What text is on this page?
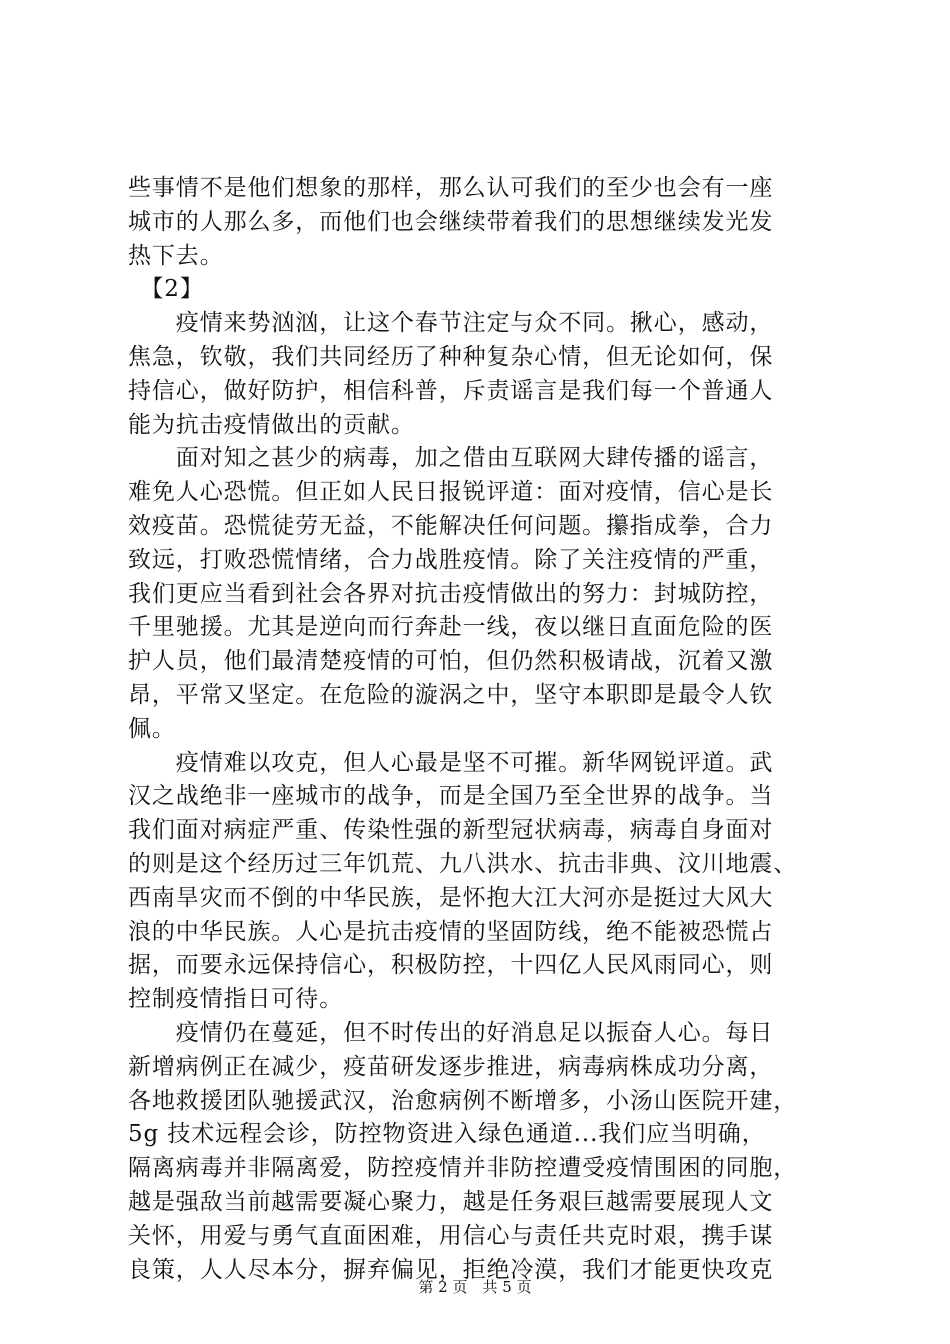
些事情不是他们想象的那样，那么认可我们的至少也会有一座
城市的人那么多，而他们也会继续带着我们的思想继续发光发
热下去。
　【2】
　　疫情来势汹汹，让这个春节注定与众不同。揪心，感动，
焦急，钦敬，我们共同经历了种种复杂心情，但无论如何，保
持信心，做好防护，相信科普，斥责谣言是我们每一个普通人
能为抗击疫情做出的贡献。
　　面对知之甚少的病毒，加之借由互联网大肆传播的谣言，
难免人心恐慌。但正如人民日报锐评道：面对疫情，信心是长
效疫苗。恐慌徒劳无益，不能解决任何问题。攥指成拳，合力
致远，打败恐慌情绪，合力战胜疫情。除了关注疫情的严重，
我们更应当看到社会各界对抗击疫情做出的努力：封城防控，
千里驰援。尤其是逆向而行奔赴一线，夜以继日直面危险的医
护人员，他们最清楚疫情的可怕，但仍然积极请战，沉着又激
昂，平常又坚定。在危险的漩涡之中，坚守本职即是最令人钦
佩。
　　疫情难以攻克，但人心最是坚不可摧。新华网锐评道。武
汉之战绝非一座城市的战争，而是全国乃至全世界的战争。当
我们面对病症严重、传染性强的新型冠状病毒，病毒自身面对
的则是这个经历过三年饥荒、九八洪水、抗击非典、汶川地震、
西南旱灾而不倒的中华民族，是怀抱大江大河亦是挺过大风大
浪的中华民族。人心是抗击疫情的坚固防线，绝不能被恐慌占
据，而要永远保持信心，积极防控，十四亿人民风雨同心，则
控制疫情指日可待。
　　疫情仍在蔓延，但不时传出的好消息足以振奋人心。每日
新增病例正在减少，疫苗研发逐步推进，病毒病株成功分离，
各地救援团队驰援武汉，治愈病例不断增多，小汤山医院开建，
5g 技术远程会诊，防控物资进入绿色通道...我们应当明确，
隔离病毒并非隔离爱，防控疫情并非防控遭受疫情围困的同胞，
越是强敌当前越需要凝心聚力，越是任务艰巨越需要展现人文
关怀，用爱与勇气直面困难，用信心与责任共克时艰，携手谋
良策，人人尽本分，摒弃偏见，拒绝冷漠，我们才能更快攻克
第 2 页　共 5 页
